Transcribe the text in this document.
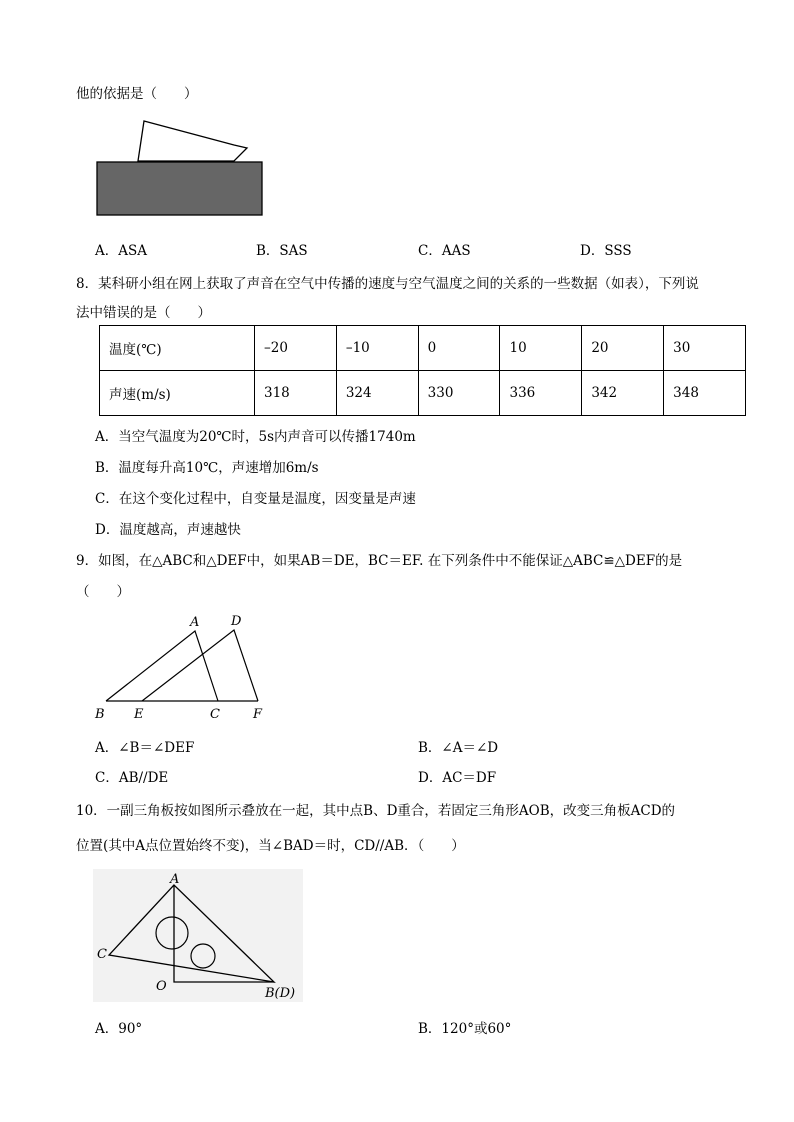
他的依据是（　　）
A．ASA	B．SAS	C．AAS	D．SSS
8．某科研小组在网上获取了声音在空气中传播的速度与空气温度之间的关系的一些数据（如表），下列说
法中错误的是（　　）
温度(℃)	–20	–10	0	10	20	30
声速(m/s)	318	324	330	336	342	348
A．当空气温度为20℃时，5s内声音可以传播1740m
B．温度每升高10℃，声速增加6m/s
C．在这个变化过程中，自变量是温度，因变量是声速
D．温度越高，声速越快
9．如图，在△ABC和△DEF中，如果AB＝DE，BC＝EF. 在下列条件中不能保证△ABC≌△DEF的是
（　　）
A D
B E	C	F
A．∠B＝∠DEF	B．∠A＝∠D
C．AB//DE	D．AC＝DF
10．一副三角板按如图所示叠放在一起，其中点B、D重合，若固定三角形AOB，改变三角板ACD的
位置(其中A点位置始终不变)，当∠BAD＝时，CD//AB．（　　）
A
C
O	B(D)
A．90°	B．120°或60°
